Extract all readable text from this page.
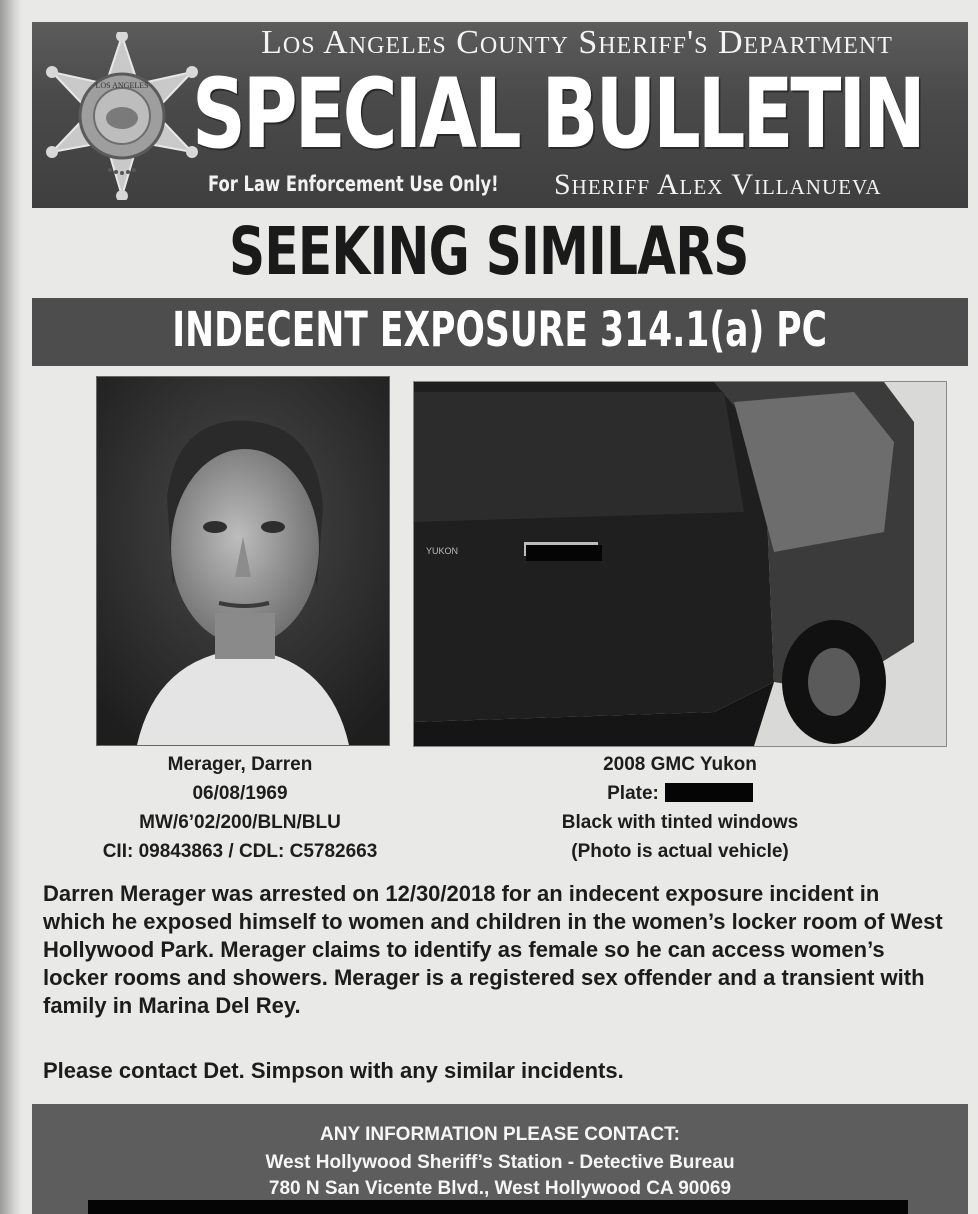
LOS ANGELES
Los Angeles County Sheriff's Department
SPECIAL BULLETIN
For Law Enforcement Use Only! Sheriff Alex Villanueva
SEEKING SIMILARS
INDECENT EXPOSURE 314.1(a) PC
YUKON
Merager, Darren
06/08/1969
MW/6’02/200/BLN/BLU
CII: 09843863 / CDL: C5782663
2008 GMC Yukon
Plate:
Black with tinted windows
(Photo is actual vehicle)

Darren Merager was arrested on 12/30/2018 for an indecent exposure incident in which he exposed himself to women and children in the women’s locker room of West Hollywood Park. Merager claims to identify as female so he can access women’s locker rooms and showers. Merager is a registered sex offender and a transient with family in Marina Del Rey.

Please contact Det. Simpson with any similar incidents.

ANY INFORMATION PLEASE CONTACT:
West Hollywood Sheriff’s Station - Detective Bureau
780 N San Vicente Blvd., West Hollywood CA 90069
